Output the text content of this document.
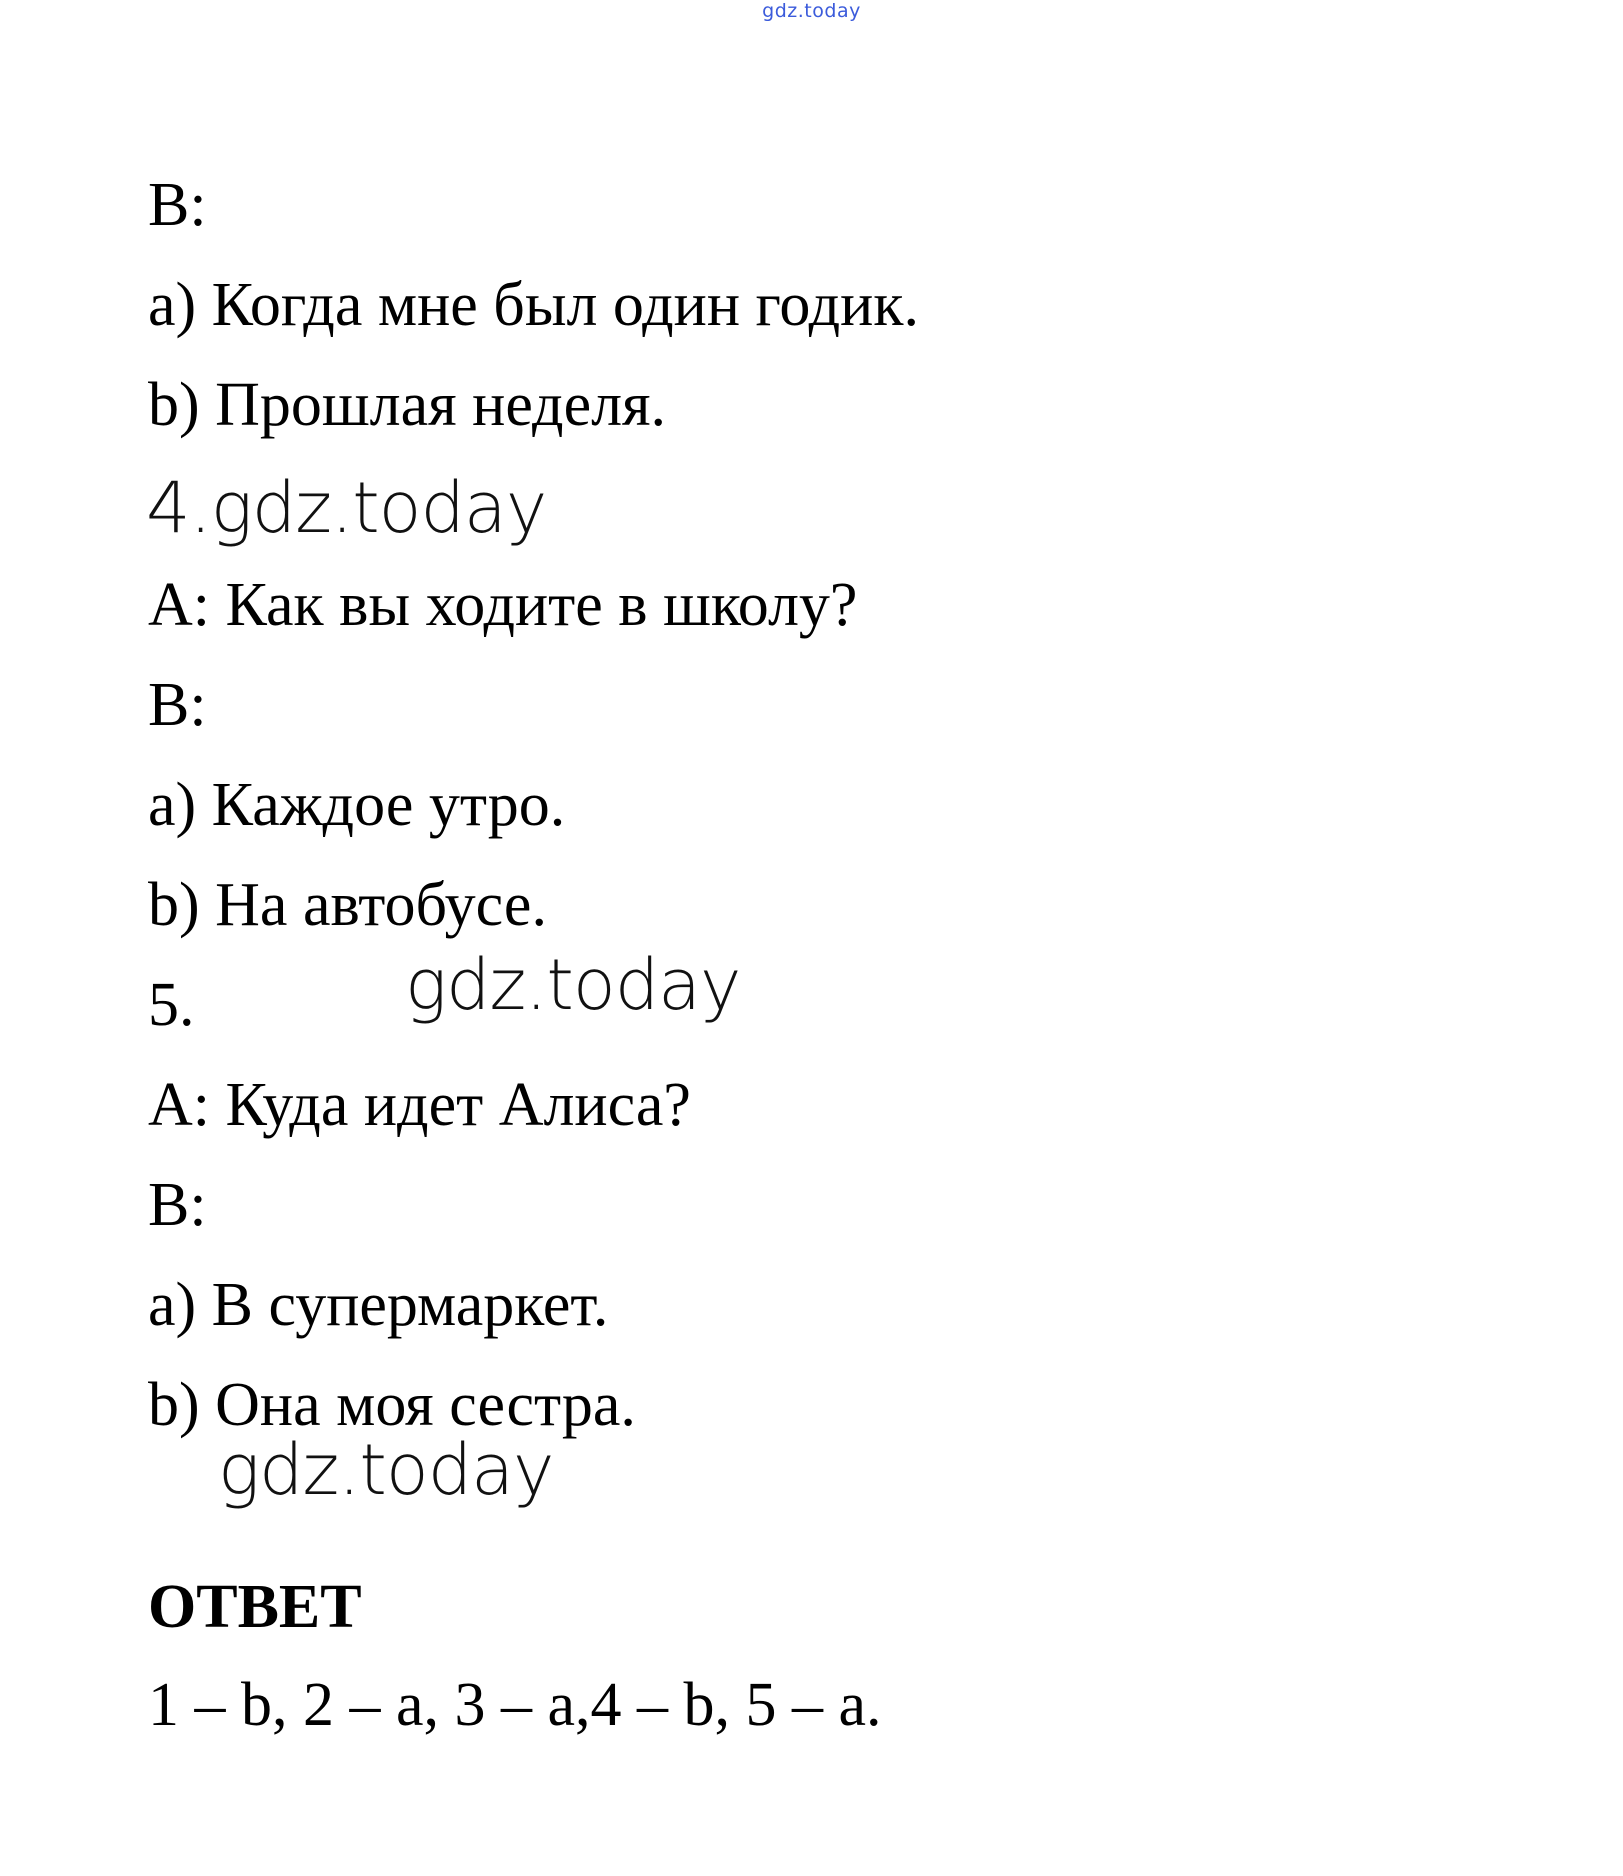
gdz.today
B:
a) Когда мне был один годик.
b) Прошлая неделя.
4.gdz.today
A: Как вы ходите в школу?
B:
a) Каждое утро.
b) На автобусе.
5.	gdz.today
A: Куда идет Алиса?
B:
a) В супермаркет.
b) Она моя сестра.
gdz.today
ОТВЕТ
1 – b, 2 – a, 3 – a,4 – b, 5 – a.
